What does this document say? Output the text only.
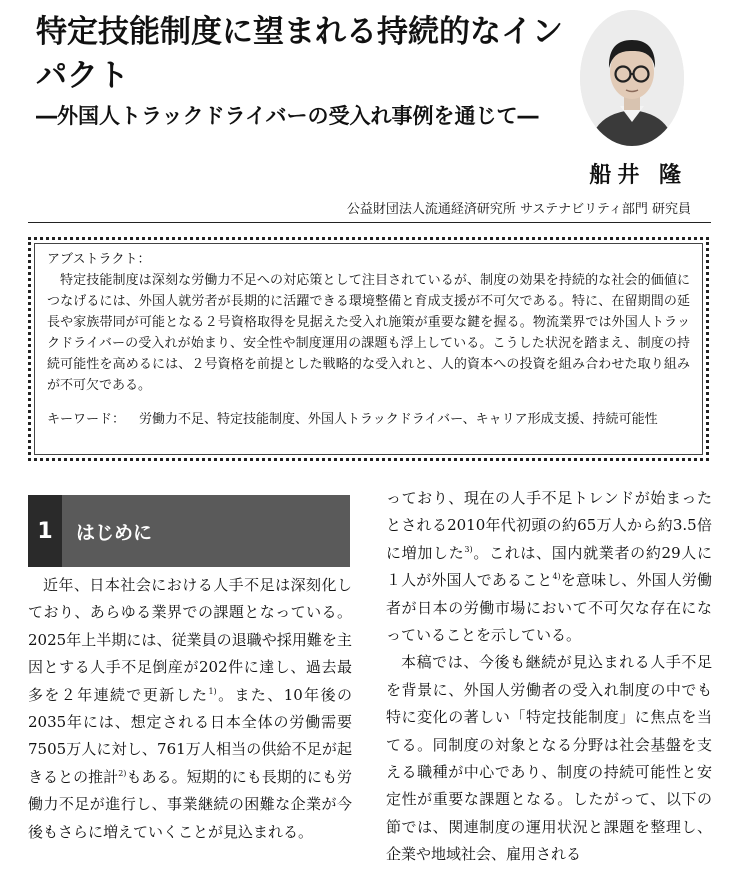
特定技能制度に望まれる持続的なインパクト
―外国人トラックドライバーの受入れ事例を通じて―
船井 隆
公益財団法人流通経済研究所 サステナビリティ部門 研究員
アブストラクト：

特定技能制度は深刻な労働力不足への対応策として注目されているが、制度の効果を持続的な社会的価値につなげるには、外国人就労者が長期的に活躍できる環境整備と育成支援が不可欠である。特に、在留期間の延長や家族帯同が可能となる２号資格取得を見据えた受入れ施策が重要な鍵を握る。物流業界では外国人トラックドライバーの受入れが始まり、安全性や制度運用の課題も浮上している。こうした状況を踏まえ、制度の持続可能性を高めるには、２号資格を前提とした戦略的な受入れと、人的資本への投資を組み合わせた取り組みが不可欠である。

キーワード：	労働力不足、特定技能制度、外国人トラックドライバー、キャリア形成支援、持続可能性
1	はじめに

近年、日本社会における人手不足は深刻化しており、あらゆる業界での課題となっている。2025年上半期には、従業員の退職や採用難を主因とする人手不足倒産が202件に達し、過去最多を２年連続で更新した$^{1)}$。また、10年後の2035年には、想定される日本全体の労働需要7505万人に対し、761万人相当の供給不足が起きるとの推計$^{2)}$もある。短期的にも長期的にも労働力不足が進行し、事業継続の困難な企業が今後もさらに増えていくことが見込まれる。

っており、現在の人手不足トレンドが始まったとされる2010年代初頭の約65万人から約3.5倍に増加した$^{3)}$。これは、国内就業者の約29人に１人が外国人であること$^{4)}$を意味し、外国人労働者が日本の労働市場において不可欠な存在になっていることを示している。

本稿では、今後も継続が見込まれる人手不足を背景に、外国人労働者の受入れ制度の中でも特に変化の著しい「特定技能制度」に焦点を当てる。同制度の対象となる分野は社会基盤を支える職種が中心であり、制度の持続可能性と安定性が重要な課題となる。したがって、以下の節では、関連制度の運用状況と課題を整理し、企業や地域社会、雇用される
